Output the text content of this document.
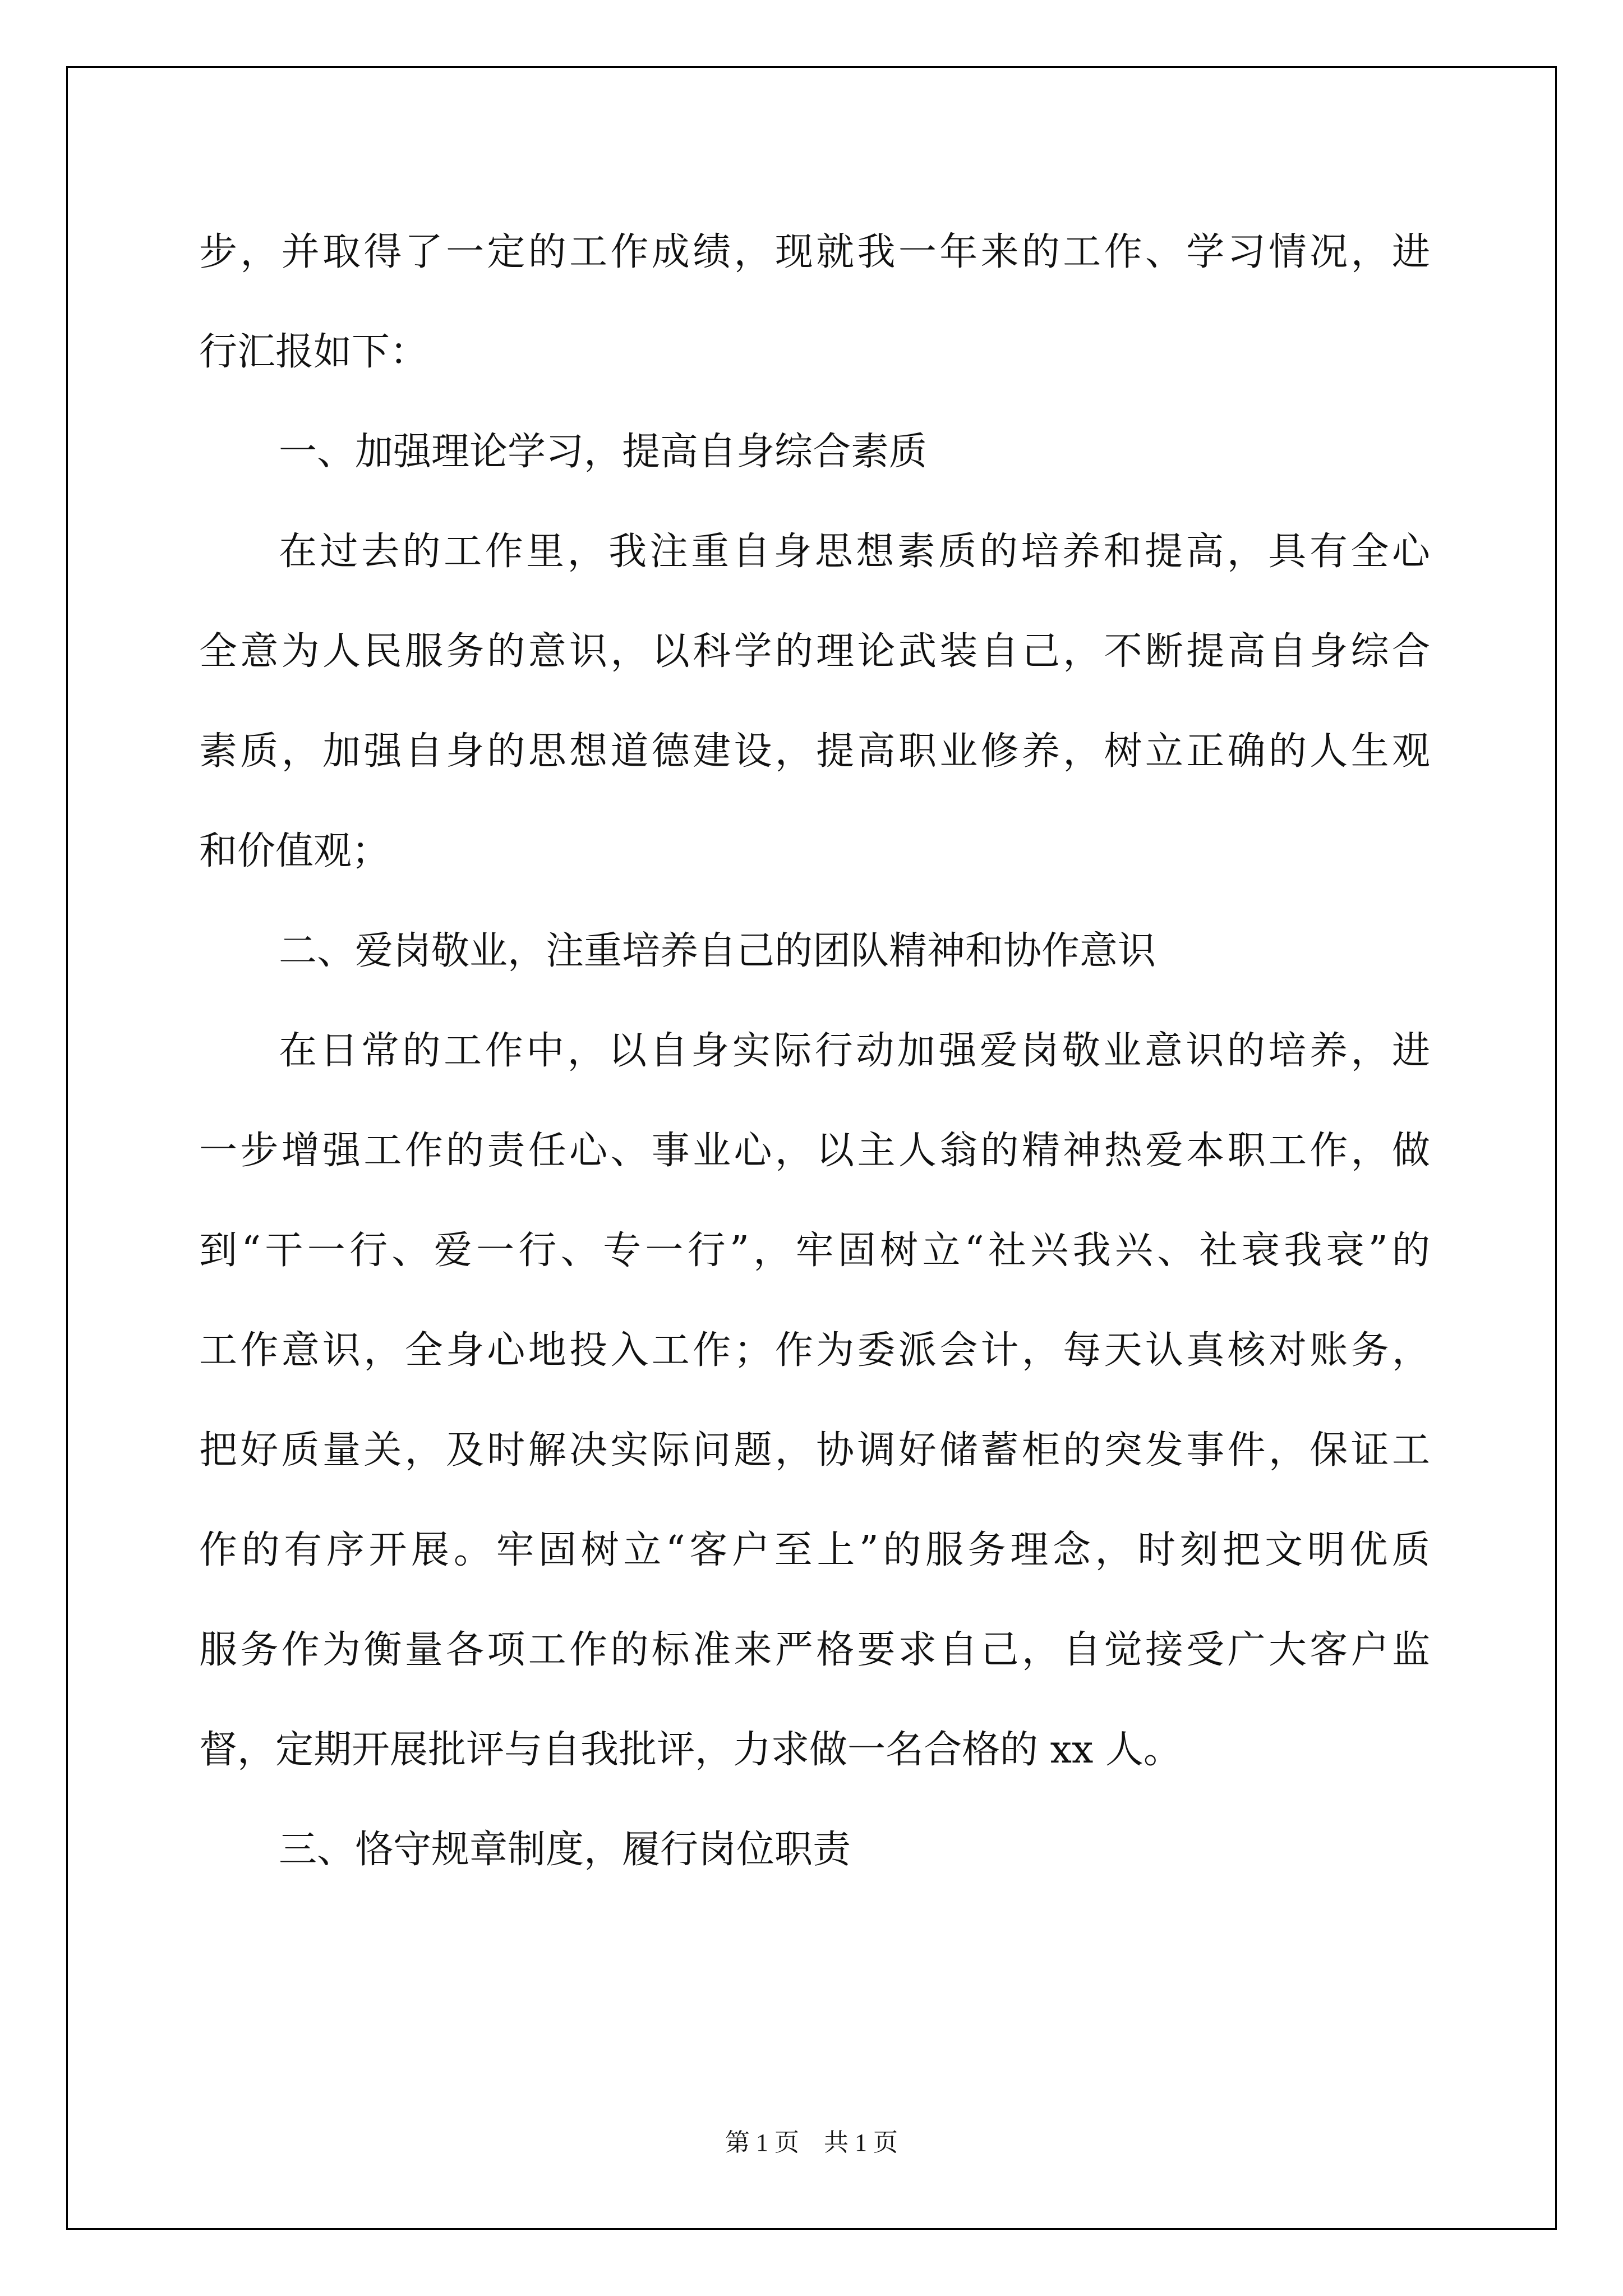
步，并取得了一定的工作成绩，现就我一年来的工作、学习情况，进
行汇报如下：
一、加强理论学习，提高自身综合素质
在过去的工作里，我注重自身思想素质的培养和提高，具有全心
全意为人民服务的意识，以科学的理论武装自己，不断提高自身综合
素质，加强自身的思想道德建设，提高职业修养，树立正确的人生观
和价值观；
二、爱岗敬业，注重培养自己的团队精神和协作意识
在日常的工作中，以自身实际行动加强爱岗敬业意识的培养，进
一步增强工作的责任心、事业心，以主人翁的精神热爱本职工作，做
到“干一行、爱一行、专一行”，牢固树立“社兴我兴、社衰我衰”的
工作意识，全身心地投入工作；作为委派会计，每天认真核对账务，
把好质量关，及时解决实际问题，协调好储蓄柜的突发事件，保证工
作的有序开展。牢固树立“客户至上”的服务理念，时刻把文明优质
服务作为衡量各项工作的标准来严格要求自己，自觉接受广大客户监
督，定期开展批评与自我批评，力求做一名合格的 xx 人。
三、恪守规章制度，履行岗位职责
第 1 页 共 1 页
